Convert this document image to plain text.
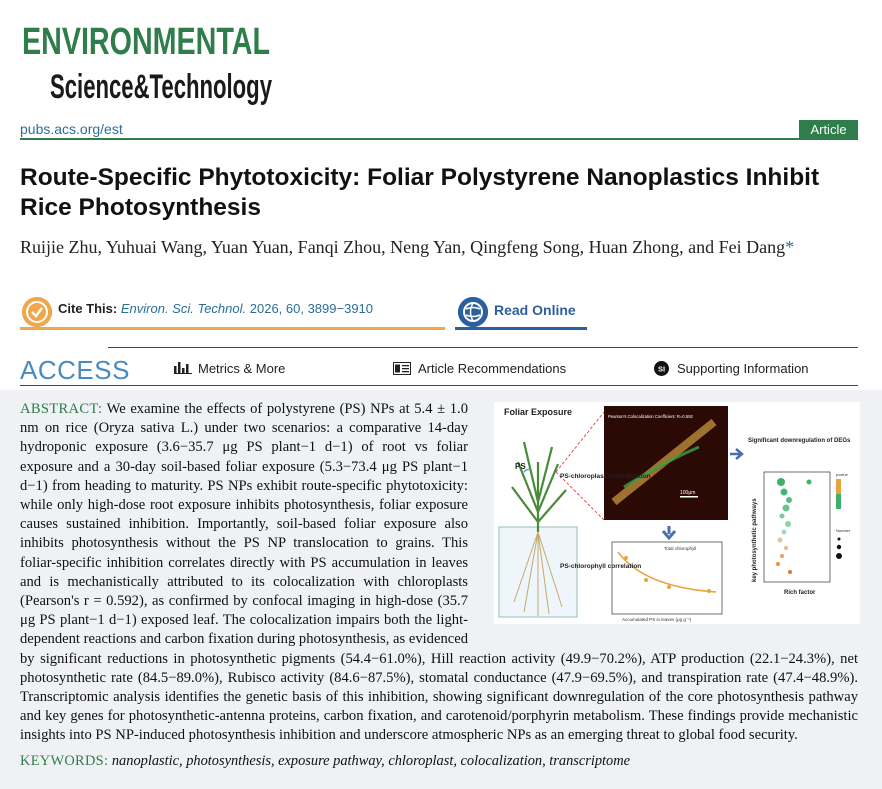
ENVIRONMENTAL
Science&Technology
pubs.acs.org/est	Article
Route-Specific Phytotoxicity: Foliar Polystyrene Nanoplastics Inhibit Rice Photosynthesis
Ruijie Zhu, Yuhuai Wang, Yuan Yuan, Fanqi Zhou, Neng Yan, Qingfeng Song, Huan Zhong, and Fei Dang*
Cite This: Environ. Sci. Technol. 2026, 60, 3899−3910	Read Online
ACCESS	Metrics & More	Article Recommendations	SI Supporting Information
ABSTRACT: We examine the effects of polystyrene (PS) NPs at 5.4 ± 1.0 nm on rice (Oryza sativa L.) under two scenarios: a comparative 14-day hydroponic exposure (3.6−35.7 μg PS plant−1 d−1) of root vs foliar exposure and a 30-day soil-based foliar exposure (5.3−73.4 μg PS plant−1 d−1) from heading to maturity. PS NPs exhibit route-specific phytotoxicity: while only high-dose root exposure inhibits photosynthesis, foliar exposure causes sustained inhibition. Importantly, soil-based foliar exposure also inhibits photosynthesis without the PS NP translocation to grains. This foliar-specific inhibition correlates directly with PS accumulation in leaves and is mechanistically attributed to its colocalization with chloroplasts (Pearson's r = 0.592), as confirmed by confocal imaging in high-dose (35.7 μg PS plant−1 d−1) exposed leaf. The colocalization impairs both the light-dependent reactions and carbon fixation during photosynthesis, as evidenced by significant reductions in photosynthetic pigments (54.4−61.0%), Hill reaction activity (49.9−70.2%), ATP production (22.1−24.3%), net photosynthetic rate (84.5−89.0%), Rubisco activity (84.6−87.5%), stomatal conductance (47.9−69.5%), and transpiration rate (47.4−48.9%). Transcriptomic analysis identifies the genetic basis of this inhibition, showing significant downregulation of the core photosynthesis pathway and key genes for photosynthetic-antenna proteins, carbon fixation, and carotenoid/porphyrin metabolism. These findings provide mechanistic insights into PS NP-induced photosynthesis inhibition and underscore atmospheric NPs as an emerging threat to global food security.
Foliar Exposure
PS
Pearson's Colocalization Coefficient: R=0.592
100μm
PS-chloroplast colocalization
Total chlorophyll
Accumulated PS in leaves (μg g⁻¹)
PS-chlorophyll correlation
Significant downregulation of DEGs
key photosynthetic pathways
Rich factor
pvalue
Number
KEYWORDS: nanoplastic, photosynthesis, exposure pathway, chloroplast, colocalization, transcriptome
